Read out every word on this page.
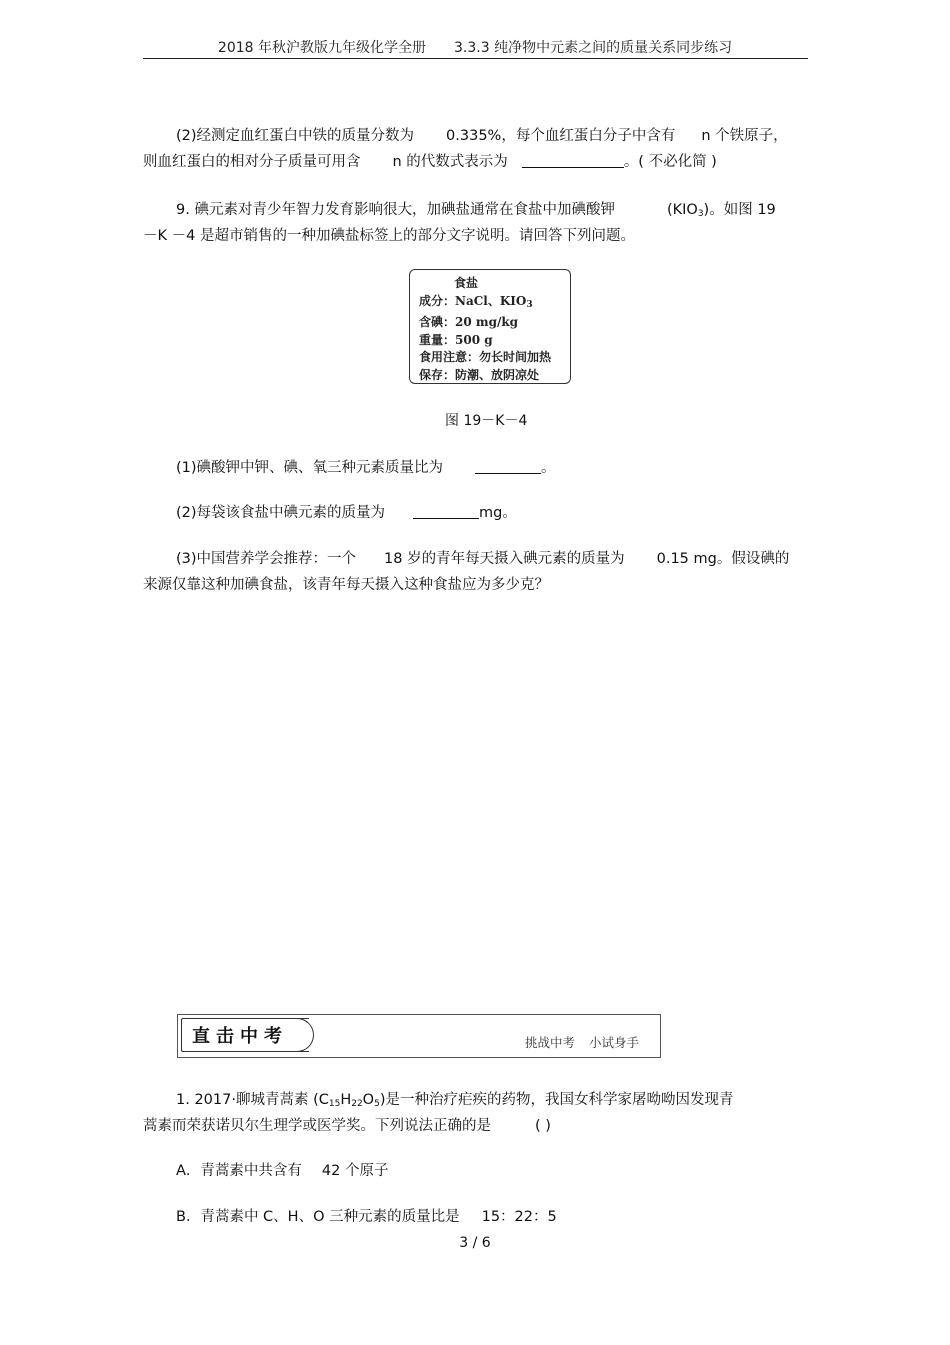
2018 年秋沪教版九年级化学全册　　3.3.3 纯净物中元素之间的质量关系同步练习
(2)经测定血红蛋白中铁的质量分数为 0.335%，每个血红蛋白分子中含有 n 个铁原子，
则血红蛋白的相对分子质量可用含 n 的代数式表示为	。( 不必化简 )
9. 碘元素对青少年智力发育影响很大，加碘盐通常在食盐中加碘酸钾	$(KIO_3)$。如图 19
－K －4 是超市销售的一种加碘盐标签上的部分文字说明。请回答下列问题。
食盐
成分：NaCl、$KIO_3$
含碘：20 mg/kg
重量：500 g
食用注意：勿长时间加热
保存：防潮、放阴凉处
图 19－K－4
(1)碘酸钾中钾、碘、氧三种元素质量比为	。
(2)每袋该食盐中碘元素的质量为	mg。
(3)中国营养学会推荐：一个 18 岁的青年每天摄入碘元素的质量为 0.15 mg。假设碘的
来源仅靠这种加碘食盐，该青年每天摄入这种食盐应为多少克？
直击中考	挑战中考 小试身手
1. 2017·聊城青蒿素 $(C_{15}H_{22}O_5)$是一种治疗疟疾的药物，我国女科学家屠呦呦因发现青
蒿素而荣获诺贝尔生理学或医学奖。下列说法正确的是	( )
A．青蒿素中共含有 42 个原子
B．青蒿素中 C、H、O 三种元素的质量比是 15：22：5
3 / 6
